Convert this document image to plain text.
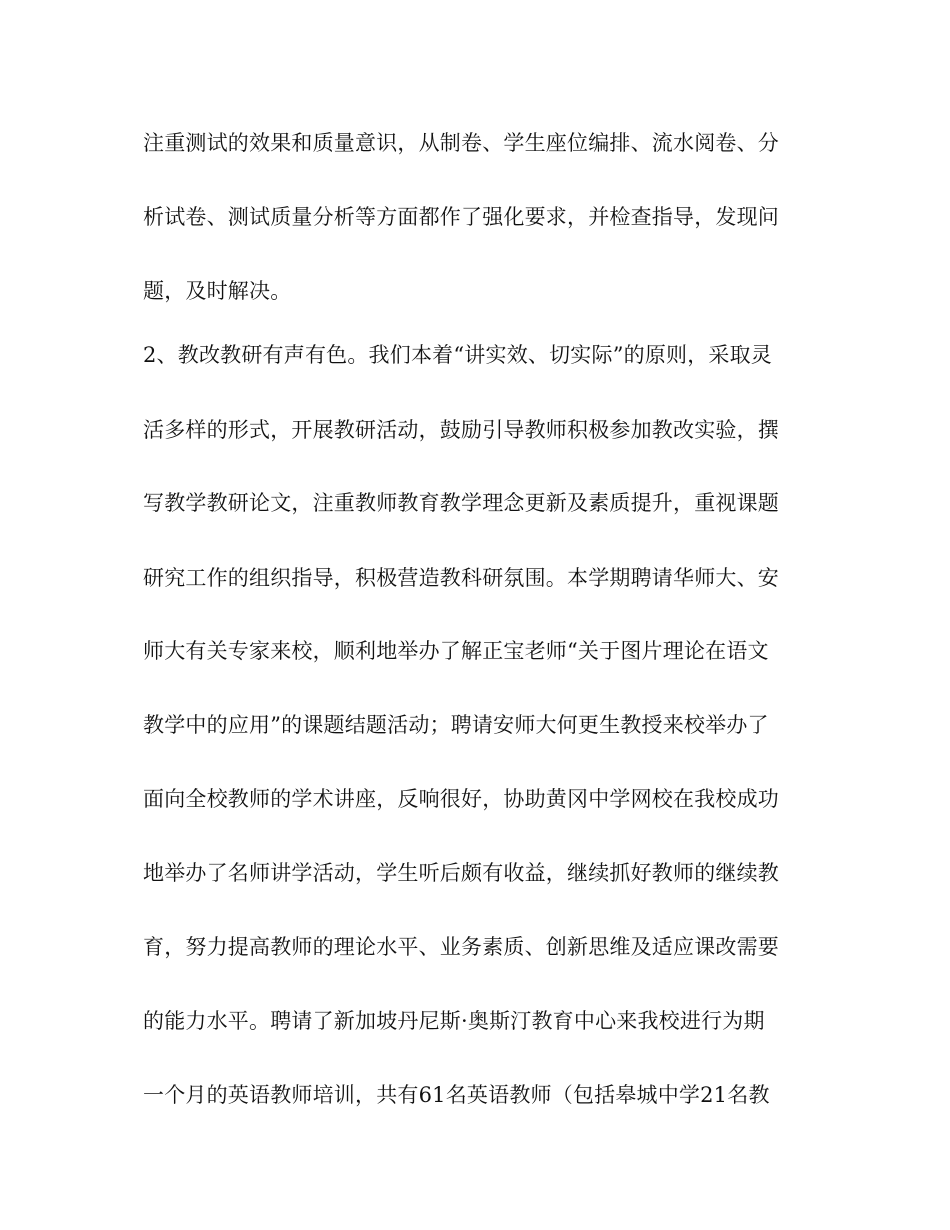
注重测试的效果和质量意识，从制卷、学生座位编排、流水阅卷、分
析试卷、测试质量分析等方面都作了强化要求，并检查指导，发现问
题，及时解决。
2、教改教研有声有色。我们本着“讲实效、切实际”的原则，采取灵
活多样的形式，开展教研活动，鼓励引导教师积极参加教改实验，撰
写教学教研论文，注重教师教育教学理念更新及素质提升，重视课题
研究工作的组织指导，积极营造教科研氛围。本学期聘请华师大、安
师大有关专家来校，顺利地举办了解正宝老师“关于图片理论在语文
教学中的应用”的课题结题活动；聘请安师大何更生教授来校举办了
面向全校教师的学术讲座，反响很好，协助黄冈中学网校在我校成功
地举办了名师讲学活动，学生听后颇有收益，继续抓好教师的继续教
育，努力提高教师的理论水平、业务素质、创新思维及适应课改需要
的能力水平。聘请了新加坡丹尼斯·奥斯汀教育中心来我校进行为期
一个月的英语教师培训，共有61名英语教师（包括皋城中学21名教
